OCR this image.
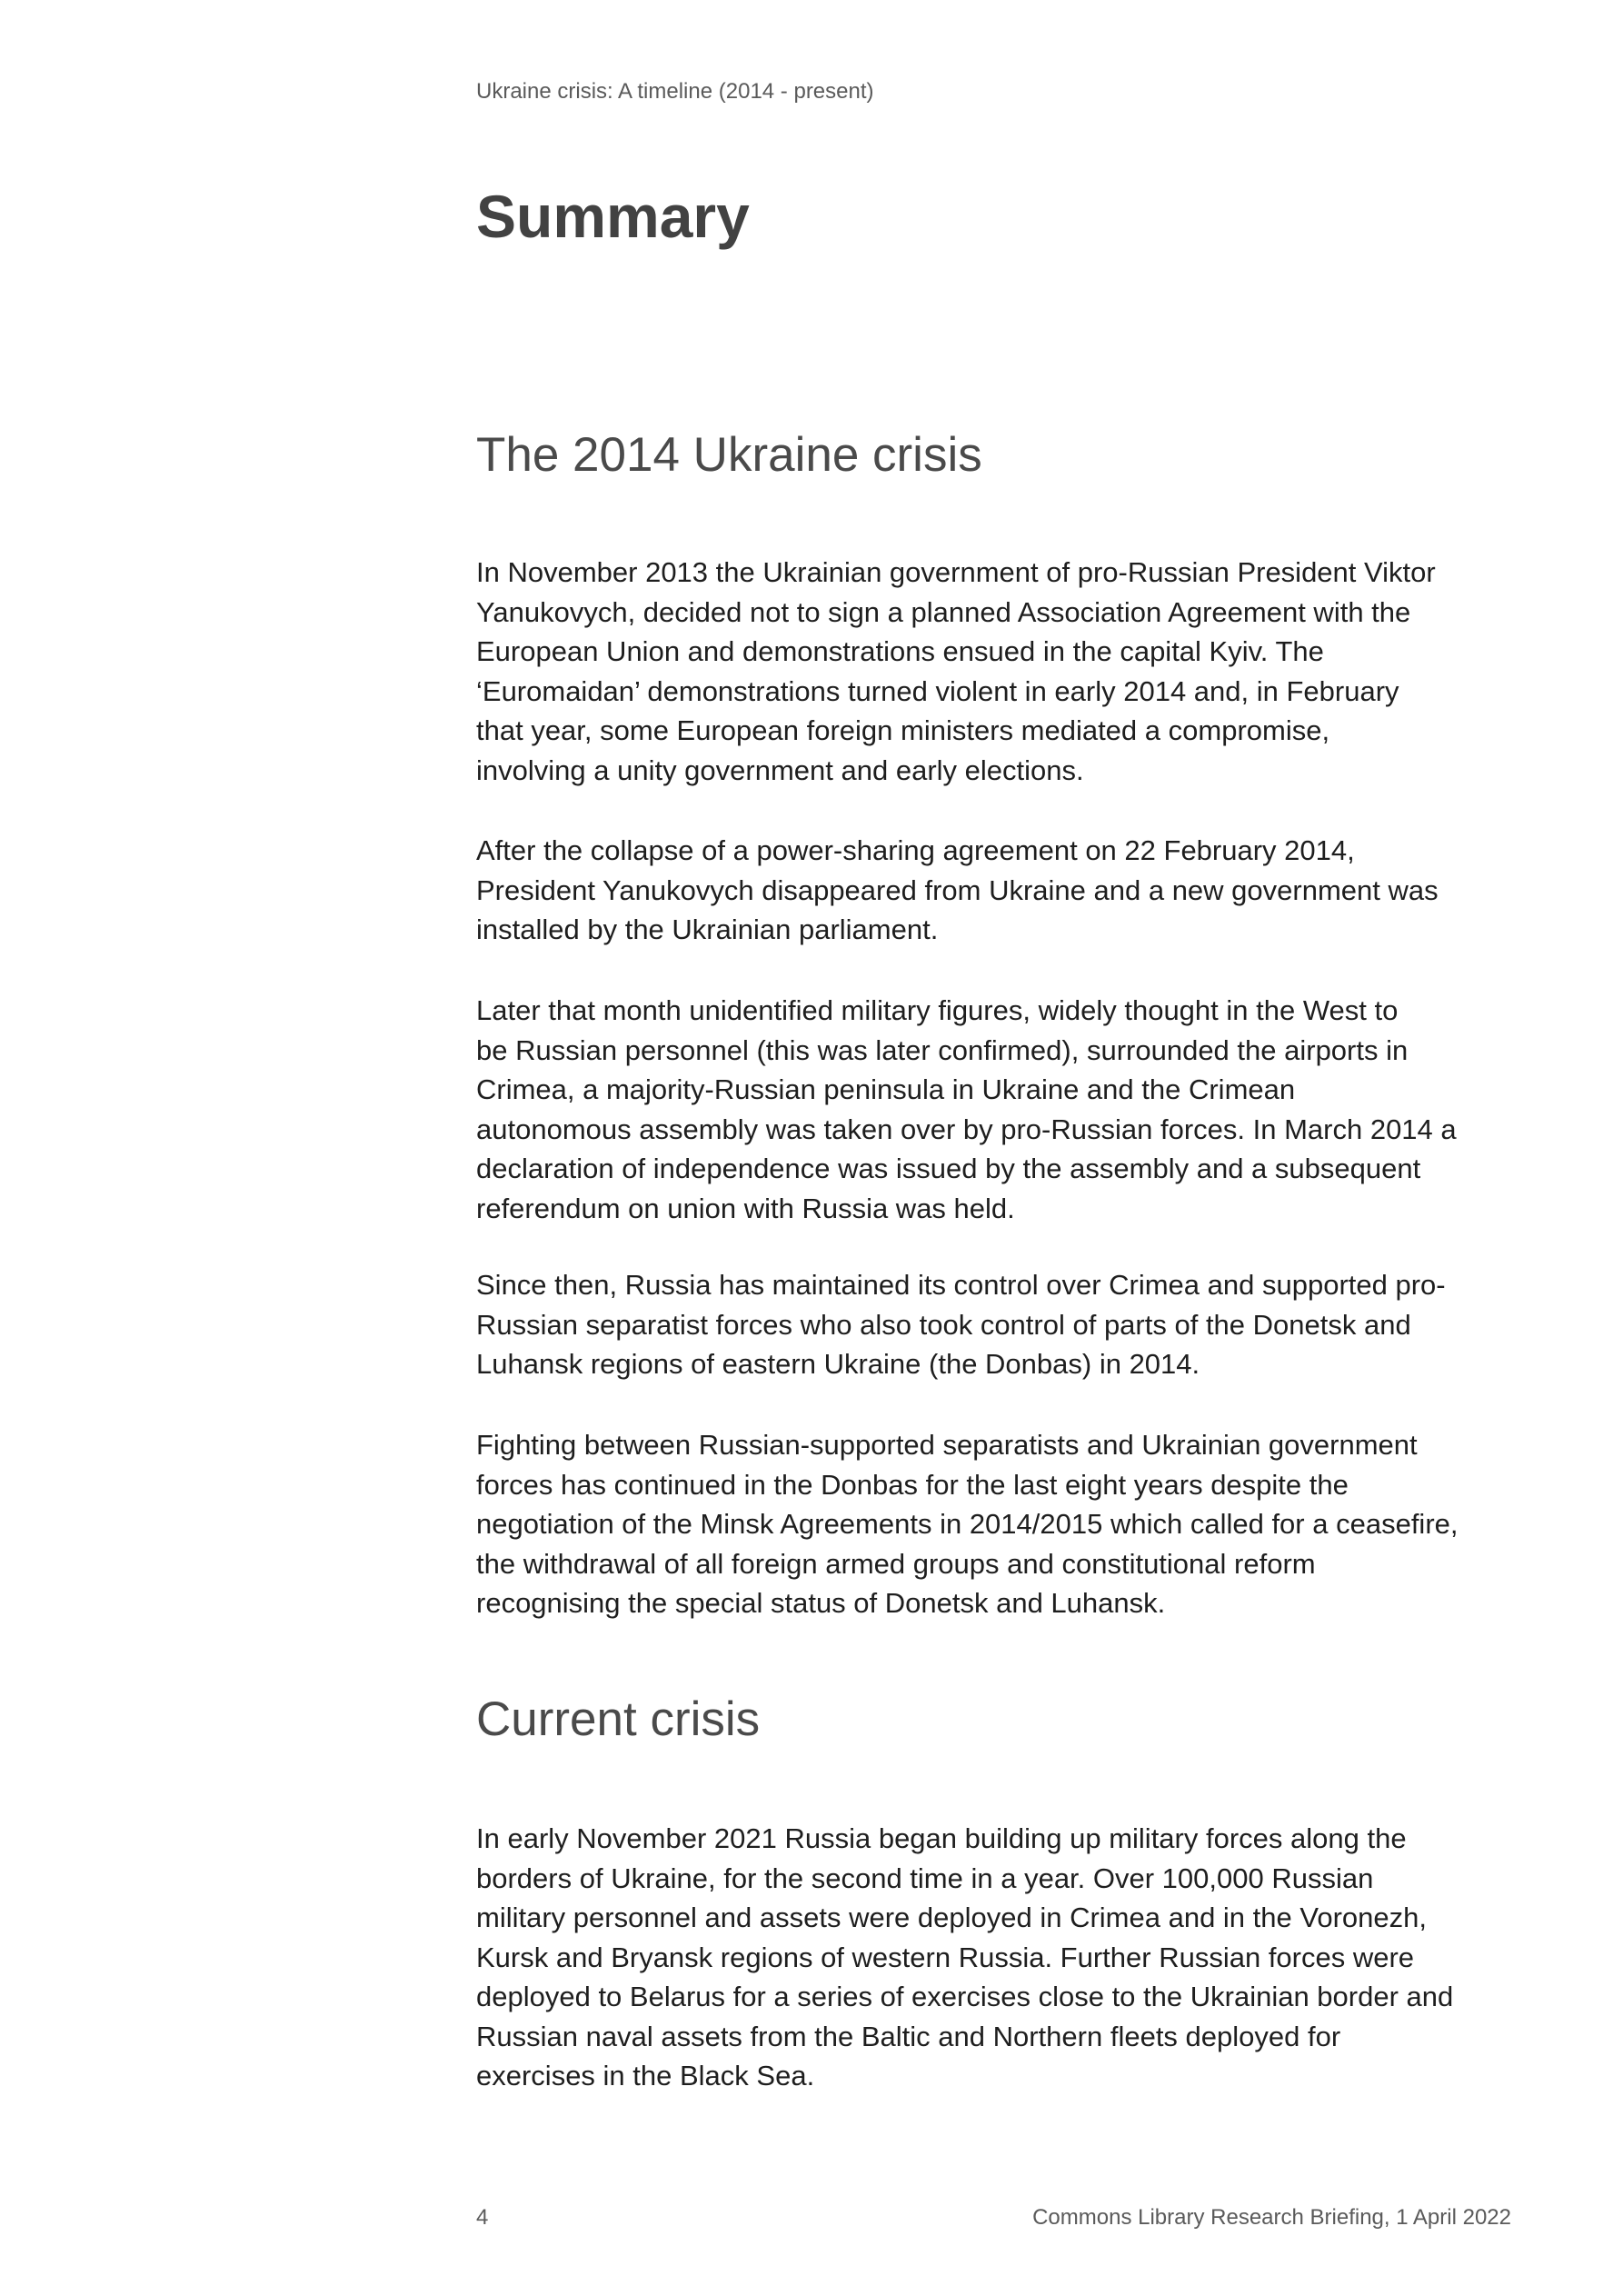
Ukraine crisis: A timeline (2014 - present)
Summary
The 2014 Ukraine crisis
In November 2013 the Ukrainian government of pro-Russian President Viktor
Yanukovych, decided not to sign a planned Association Agreement with the
European Union and demonstrations ensued in the capital Kyiv. The
‘Euromaidan’ demonstrations turned violent in early 2014 and, in February
that year, some European foreign ministers mediated a compromise,
involving a unity government and early elections.
After the collapse of a power-sharing agreement on 22 February 2014,
President Yanukovych disappeared from Ukraine and a new government was
installed by the Ukrainian parliament.
Later that month unidentified military figures, widely thought in the West to
be Russian personnel (this was later confirmed), surrounded the airports in
Crimea, a majority-Russian peninsula in Ukraine and the Crimean
autonomous assembly was taken over by pro-Russian forces. In March 2014 a
declaration of independence was issued by the assembly and a subsequent
referendum on union with Russia was held.
Since then, Russia has maintained its control over Crimea and supported pro-
Russian separatist forces who also took control of parts of the Donetsk and
Luhansk regions of eastern Ukraine (the Donbas) in 2014.
Fighting between Russian-supported separatists and Ukrainian government
forces has continued in the Donbas for the last eight years despite the
negotiation of the Minsk Agreements in 2014/2015 which called for a ceasefire,
the withdrawal of all foreign armed groups and constitutional reform
recognising the special status of Donetsk and Luhansk.
Current crisis
In early November 2021 Russia began building up military forces along the
borders of Ukraine, for the second time in a year. Over 100,000 Russian
military personnel and assets were deployed in Crimea and in the Voronezh,
Kursk and Bryansk regions of western Russia. Further Russian forces were
deployed to Belarus for a series of exercises close to the Ukrainian border and
Russian naval assets from the Baltic and Northern fleets deployed for
exercises in the Black Sea.
4	Commons Library Research Briefing, 1 April 2022
